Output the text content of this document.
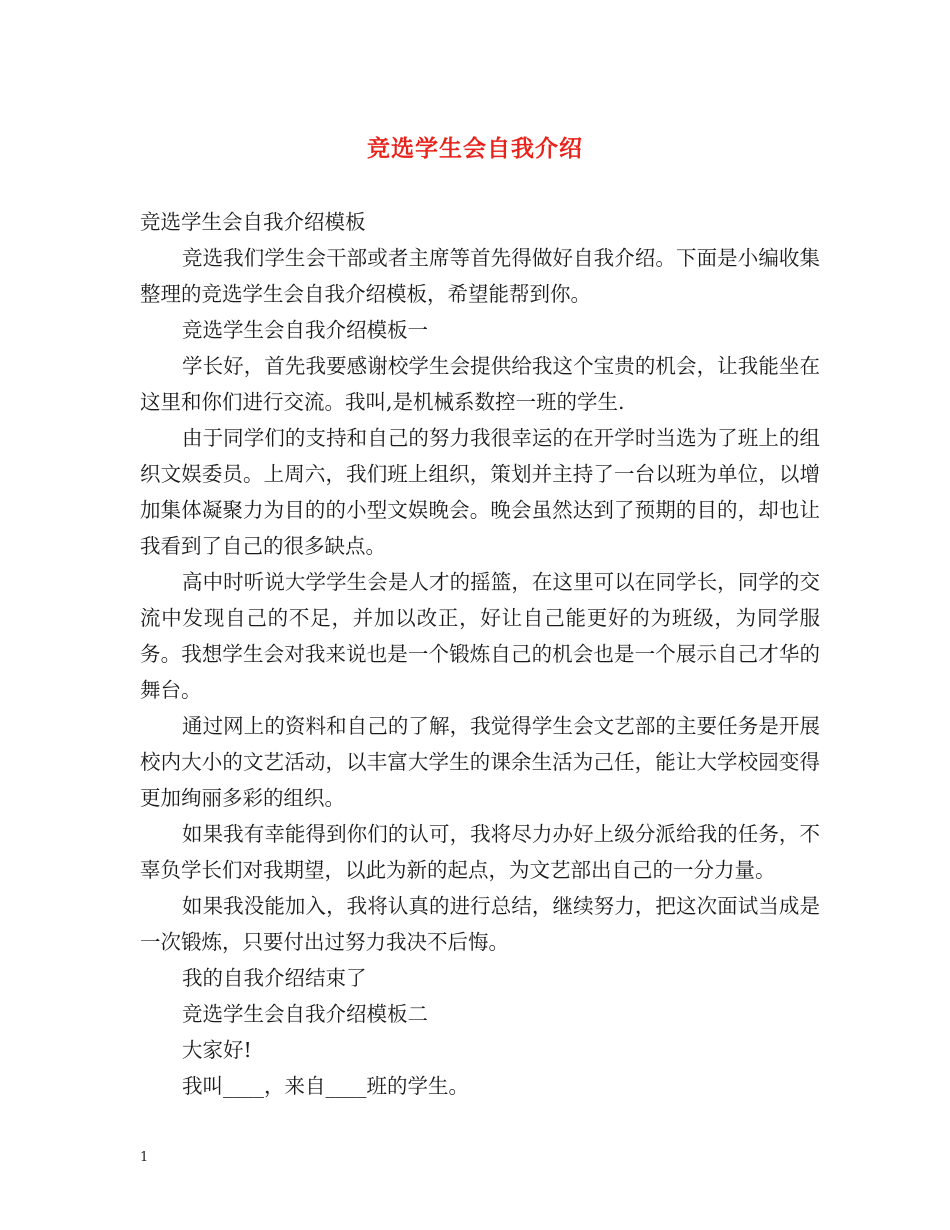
竞选学生会自我介绍

竞选学生会自我介绍模板

竞选我们学生会干部或者主席等首先得做好自我介绍。下面是小编收集整理的竞选学生会自我介绍模板，希望能帮到你。

竞选学生会自我介绍模板一

学长好，首先我要感谢校学生会提供给我这个宝贵的机会，让我能坐在这里和你们进行交流。我叫,是机械系数控一班的学生.

由于同学们的支持和自己的努力我很幸运的在开学时当选为了班上的组织文娱委员。上周六，我们班上组织，策划并主持了一台以班为单位，以增加集体凝聚力为目的的小型文娱晚会。晚会虽然达到了预期的目的，却也让我看到了自己的很多缺点。

高中时听说大学学生会是人才的摇篮，在这里可以在同学长，同学的交流中发现自己的不足，并加以改正，好让自己能更好的为班级，为同学服务。我想学生会对我来说也是一个锻炼自己的机会也是一个展示自己才华的舞台。

通过网上的资料和自己的了解，我觉得学生会文艺部的主要任务是开展校内大小的文艺活动，以丰富大学生的课余生活为己任，能让大学校园变得更加绚丽多彩的组织。

如果我有幸能得到你们的认可，我将尽力办好上级分派给我的任务，不辜负学长们对我期望，以此为新的起点，为文艺部出自己的一分力量。

如果我没能加入，我将认真的进行总结，继续努力，把这次面试当成是一次锻炼，只要付出过努力我决不后悔。

我的自我介绍结束了

竞选学生会自我介绍模板二

大家好!

我叫____，来自____班的学生。

1
